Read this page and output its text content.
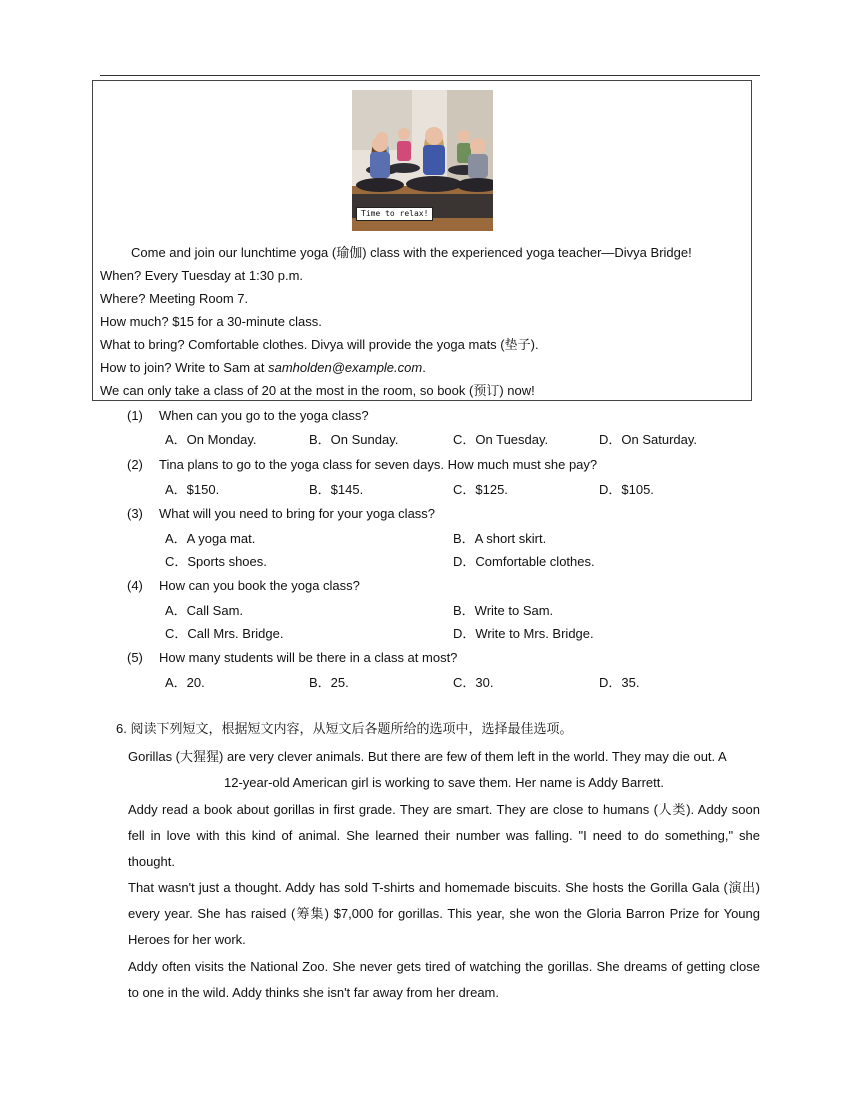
Time to relax!
Come and join our lunchtime yoga (瑜伽) class with the experienced yoga teacher—Divya Bridge!
When? Every Tuesday at 1:30 p.m.
Where? Meeting Room 7.
How much? $15 for a 30-minute class.
What to bring? Comfortable clothes. Divya will provide the yoga mats (垫子).
How to join? Write to Sam at samholden@example.com.
We can only take a class of 20 at the most in the room, so book (预订) now!
(1) When can you go to the yoga class?
A．On Monday.	B．On Sunday.	C．On Tuesday.	D．On Saturday.
(2) Tina plans to go to the yoga class for seven days. How much must she pay?
A．$150.	B．$145.	C．$125.	D．$105.
(3) What will you need to bring for your yoga class?
A．A yoga mat.	B．A short skirt.
C．Sports shoes.	D．Comfortable clothes.
(4) How can you book the yoga class?
A．Call Sam.	B．Write to Sam.
C．Call Mrs. Bridge.	D．Write to Mrs. Bridge.
(5) How many students will be there in a class at most?
A．20.	B．25.	C．30.	D．35.
6. 阅读下列短文，根据短文内容，从短文后各题所给的选项中，选择最佳选项。
Gorillas (大猩猩) are very clever animals. But there are few of them left in the world. They may die out. A
12-year-old American girl is working to save them. Her name is Addy Barrett.
Addy read a book about gorillas in first grade. They are smart. They are close to humans (人类). Addy soon fell in love with this kind of animal. She learned their number was falling. "I need to do something," she thought.
That wasn't just a thought. Addy has sold T-shirts and homemade biscuits. She hosts the Gorilla Gala (演出) every year. She has raised (筹集) $7,000 for gorillas. This year, she won the Gloria Barron Prize for Young Heroes for her work.
Addy often visits the National Zoo. She never gets tired of watching the gorillas. She dreams of getting close to one in the wild. Addy thinks she isn't far away from her dream.
